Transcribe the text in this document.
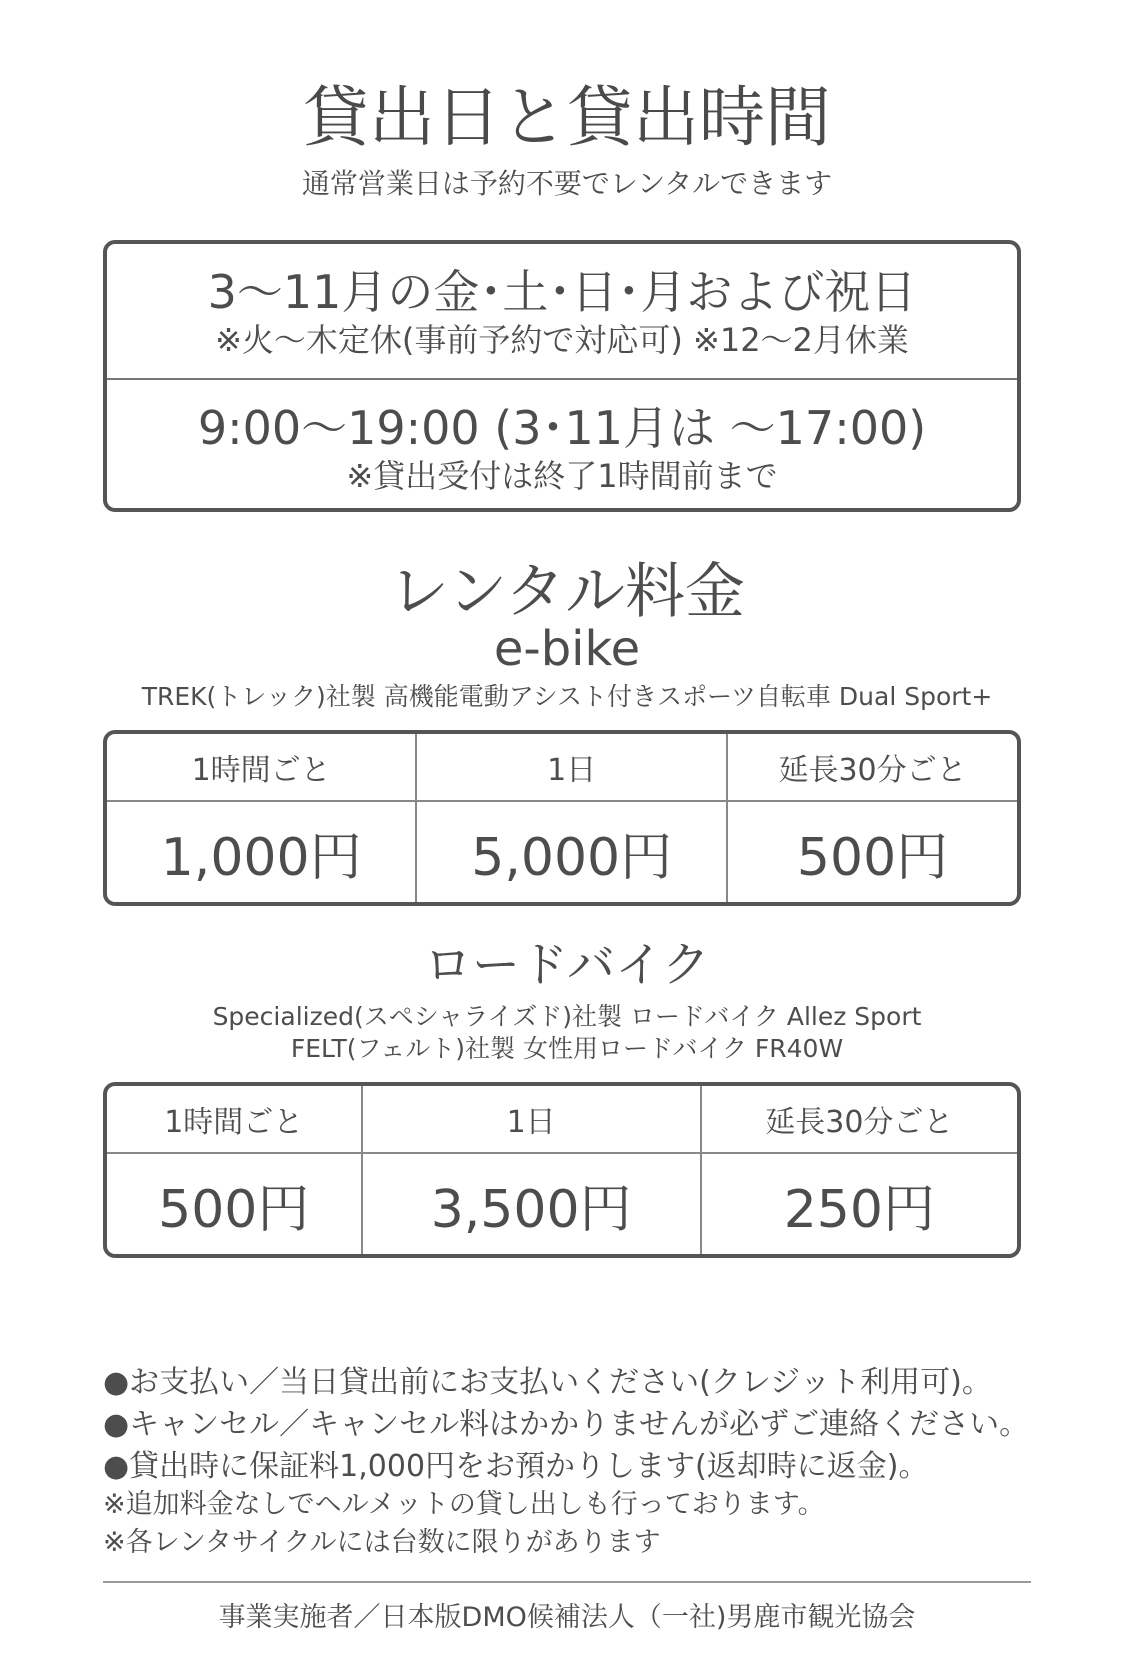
貸出日と貸出時間
通常営業日は予約不要でレンタルできます
3〜11月の金･土･日･月および祝日
※火〜木定休(事前予約で対応可) ※12〜2月休業
9:00〜19:00 (3･11月は 〜17:00)
※貸出受付は終了1時間前まで
レンタル料金
e-bike
TREK(トレック)社製 高機能電動アシスト付きスポーツ自転車 Dual Sport+
1時間ごと	1日	延長30分ごと
1,000円	5,000円	500円
ロードバイク
Specialized(スペシャライズド)社製 ロードバイク Allez Sport
FELT(フェルト)社製 女性用ロードバイク FR40W
1時間ごと	1日	延長30分ごと
500円	3,500円	250円
●お支払い／当日貸出前にお支払いください(クレジット利用可)。
●キャンセル／キャンセル料はかかりませんが必ずご連絡ください。
●貸出時に保証料1,000円をお預かりします(返却時に返金)。
※追加料金なしでヘルメットの貸し出しも行っております。
※各レンタサイクルには台数に限りがあります
事業実施者／日本版DMO候補法人（一社)男鹿市観光協会
